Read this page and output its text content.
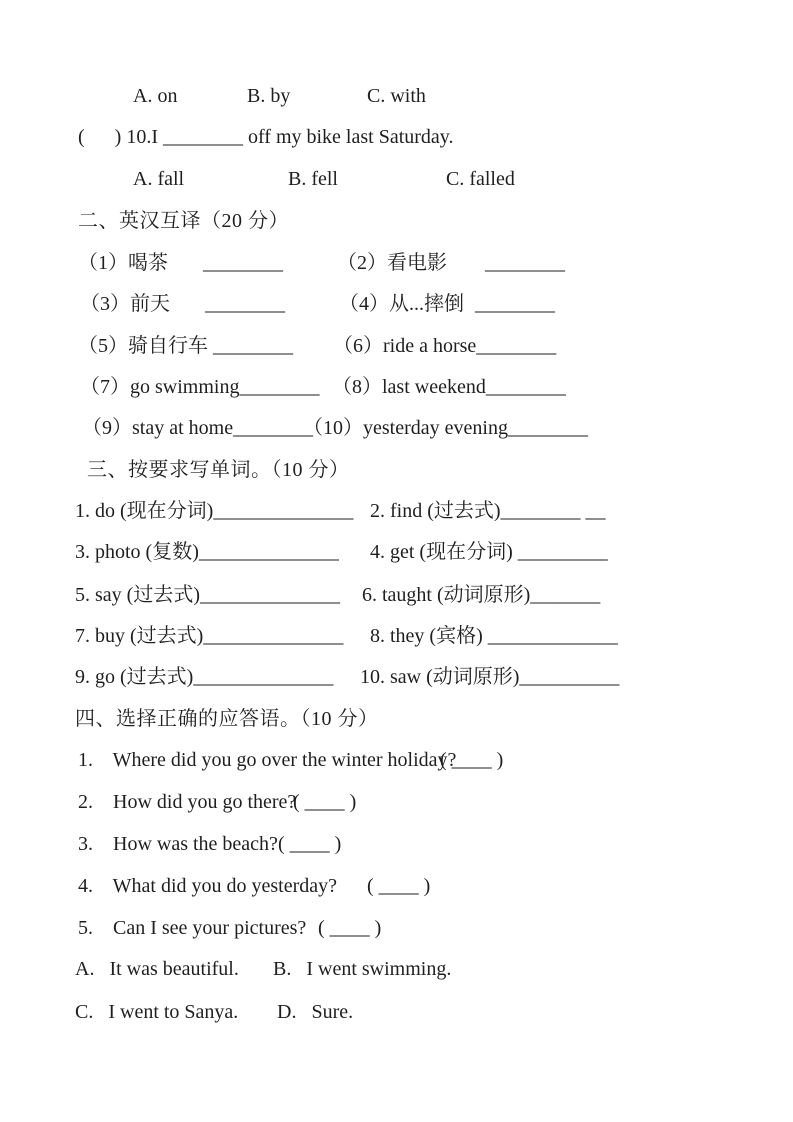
A. on	B. by	C. with
(      ) 10.I ________ off my bike last Saturday.
A. fall	B. fell	C. falled
二、英汉互译（20 分）
（1）喝茶 ________	（2）看电影 ________
（3）前天 ________	（4）从...摔倒 ________
（5）骑自行车 ________ （6）ride a horse________
（7）go swimming________ （8）last weekend________
（9）stay at home________
（10）yesterday evening________
三、按要求写单词。（10 分）
1. do (现在分词)______________ 2. find (过去式)________ __
3. photo (复数)______________ 4. get (现在分词) _________
5. say (过去式)______________ 6. taught (动词原形)_______
7. buy (过去式)______________ 8. they (宾格) _____________
9. go (过去式)______________ 10. saw (动词原形)__________
四、选择正确的应答语。（10 分）
1.    Where did you go over the winter holiday?
( ____ )
2.    How did you go there?
( ____ )
3.    How was the beach? ( ____ )
4.    What did you do yesterday? ( ____ )
5.    Can I see your pictures? ( ____ )
A.   It was beautiful. B.   I went swimming.
C.   I went to Sanya. D.   Sure.
